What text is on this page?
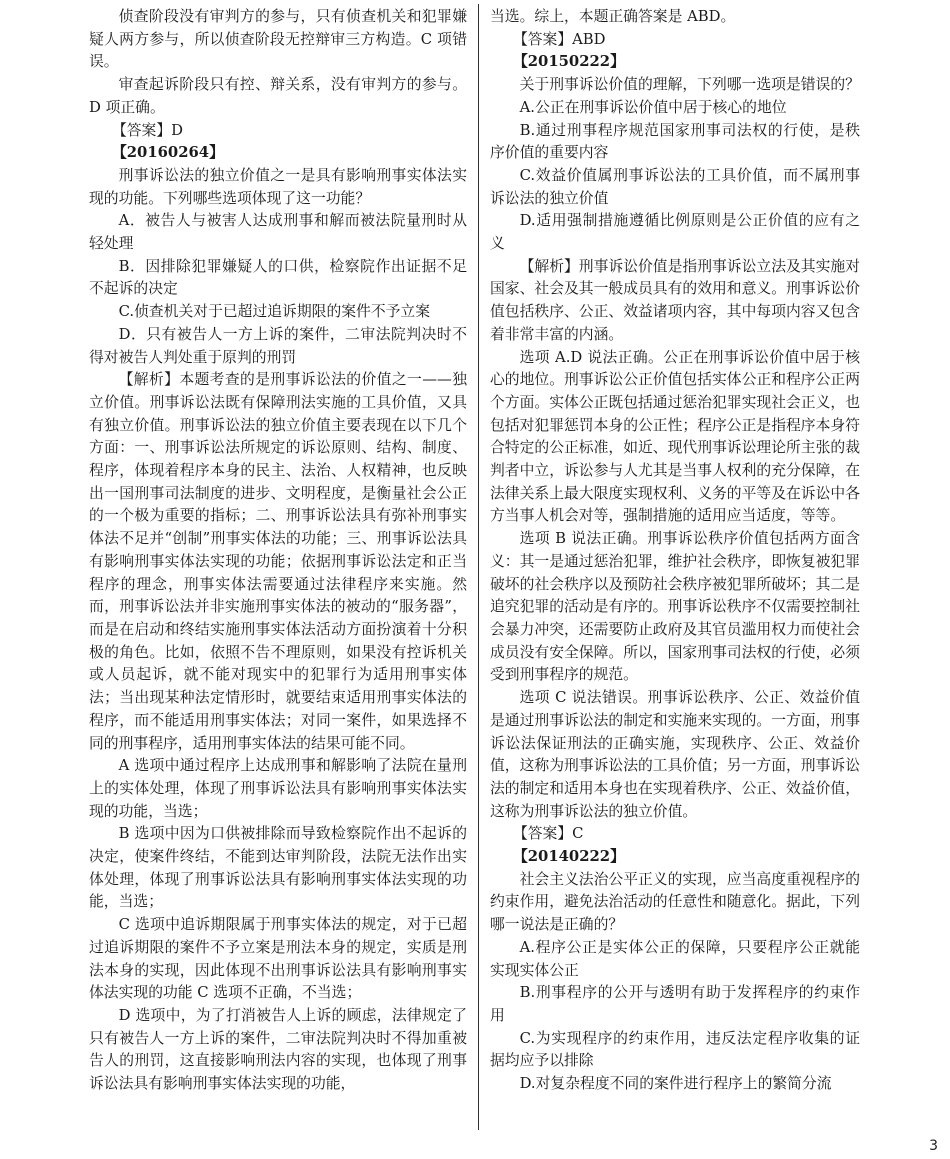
侦查阶段没有审判方的参与，只有侦查机关和犯罪嫌疑人两方参与，所以侦查阶段无控辩审三方构造。C 项错误。
审查起诉阶段只有控、辩关系，没有审判方的参与。D 项正确。
【答案】D
【20160264】
刑事诉讼法的独立价值之一是具有影响刑事实体法实现的功能。下列哪些选项体现了这一功能？
A．被告人与被害人达成刑事和解而被法院量刑时从轻处理
B．因排除犯罪嫌疑人的口供，检察院作出证据不足不起诉的决定
C.侦查机关对于已超过追诉期限的案件不予立案
D．只有被告人一方上诉的案件，二审法院判决时不得对被告人判处重于原判的刑罚
【解析】本题考查的是刑事诉讼法的价值之一——独立价值。刑事诉讼法既有保障刑法实施的工具价值，又具有独立价值。刑事诉讼法的独立价值主要表现在以下几个方面：一、刑事诉讼法所规定的诉讼原则、结构、制度、程序，体现着程序本身的民主、法治、人权精神，也反映出一国刑事司法制度的进步、文明程度，是衡量社会公正的一个极为重要的指标；二、刑事诉讼法具有弥补刑事实体法不足并“创制”刑事实体法的功能；三、刑事诉讼法具有影响刑事实体法实现的功能；依据刑事诉讼法定和正当程序的理念，刑事实体法需要通过法律程序来实施。然而，刑事诉讼法并非实施刑事实体法的被动的“服务器”，而是在启动和终结实施刑事实体法活动方面扮演着十分积极的角色。比如，依照不告不理原则，如果没有控诉机关或人员起诉，就不能对现实中的犯罪行为适用刑事实体法；当出现某种法定情形时，就要结束适用刑事实体法的程序，而不能适用刑事实体法；对同一案件，如果选择不同的刑事程序，适用刑事实体法的结果可能不同。
A 选项中通过程序上达成刑事和解影响了法院在量刑上的实体处理，体现了刑事诉讼法具有影响刑事实体法实现的功能，当选；
B 选项中因为口供被排除而导致检察院作出不起诉的决定，使案件终结，不能到达审判阶段，法院无法作出实体处理，体现了刑事诉讼法具有影响刑事实体法实现的功能，当选；
C 选项中追诉期限属于刑事实体法的规定，对于已超过追诉期限的案件不予立案是刑法本身的规定，实质是刑法本身的实现，因此体现不出刑事诉讼法具有影响刑事实体法实现的功能 C 选项不正确，不当选；
D 选项中，为了打消被告人上诉的顾虑，法律规定了只有被告人一方上诉的案件，二审法院判决时不得加重被告人的刑罚，这直接影响刑法内容的实现，也体现了刑事诉讼法具有影响刑事实体法实现的功能，
当选。综上，本题正确答案是 ABD。
【答案】ABD
【20150222】
关于刑事诉讼价值的理解，下列哪一选项是错误的？
A.公正在刑事诉讼价值中居于核心的地位
B.通过刑事程序规范国家刑事司法权的行使，是秩序价值的重要内容
C.效益价值属刑事诉讼法的工具价值，而不属刑事诉讼法的独立价值
D.适用强制措施遵循比例原则是公正价值的应有之义
【解析】刑事诉讼价值是指刑事诉讼立法及其实施对国家、社会及其一般成员具有的效用和意义。刑事诉讼价值包括秩序、公正、效益诸项内容，其中每项内容又包含着非常丰富的内涵。
选项 A.D 说法正确。公正在刑事诉讼价值中居于核心的地位。刑事诉讼公正价值包括实体公正和程序公正两个方面。实体公正既包括通过惩治犯罪实现社会正义，也包括对犯罪惩罚本身的公正性；程序公正是指程序本身符合特定的公正标准，如近、现代刑事诉讼理论所主张的裁判者中立，诉讼参与人尤其是当事人权利的充分保障，在法律关系上最大限度实现权利、义务的平等及在诉讼中各方当事人机会对等，强制措施的适用应当适度，等等。
选项 B 说法正确。刑事诉讼秩序价值包括两方面含义：其一是通过惩治犯罪，维护社会秩序，即恢复被犯罪破坏的社会秩序以及预防社会秩序被犯罪所破坏；其二是追究犯罪的活动是有序的。刑事诉讼秩序不仅需要控制社会暴力冲突，还需要防止政府及其官员滥用权力而使社会成员没有安全保障。所以，国家刑事司法权的行使，必须受到刑事程序的规范。
选项 C 说法错误。刑事诉讼秩序、公正、效益价值是通过刑事诉讼法的制定和实施来实现的。一方面，刑事诉讼法保证刑法的正确实施，实现秩序、公正、效益价值，这称为刑事诉讼法的工具价值；另一方面，刑事诉讼法的制定和适用本身也在实现着秩序、公正、效益价值，这称为刑事诉讼法的独立价值。
【答案】C
【20140222】
社会主义法治公平正义的实现，应当高度重视程序的约束作用，避免法治活动的任意性和随意化。据此，下列哪一说法是正确的？
A.程序公正是实体公正的保障，只要程序公正就能实现实体公正
B.刑事程序的公开与透明有助于发挥程序的约束作用
C.为实现程序的约束作用，违反法定程序收集的证据均应予以排除
D.对复杂程度不同的案件进行程序上的繁简分流
3
